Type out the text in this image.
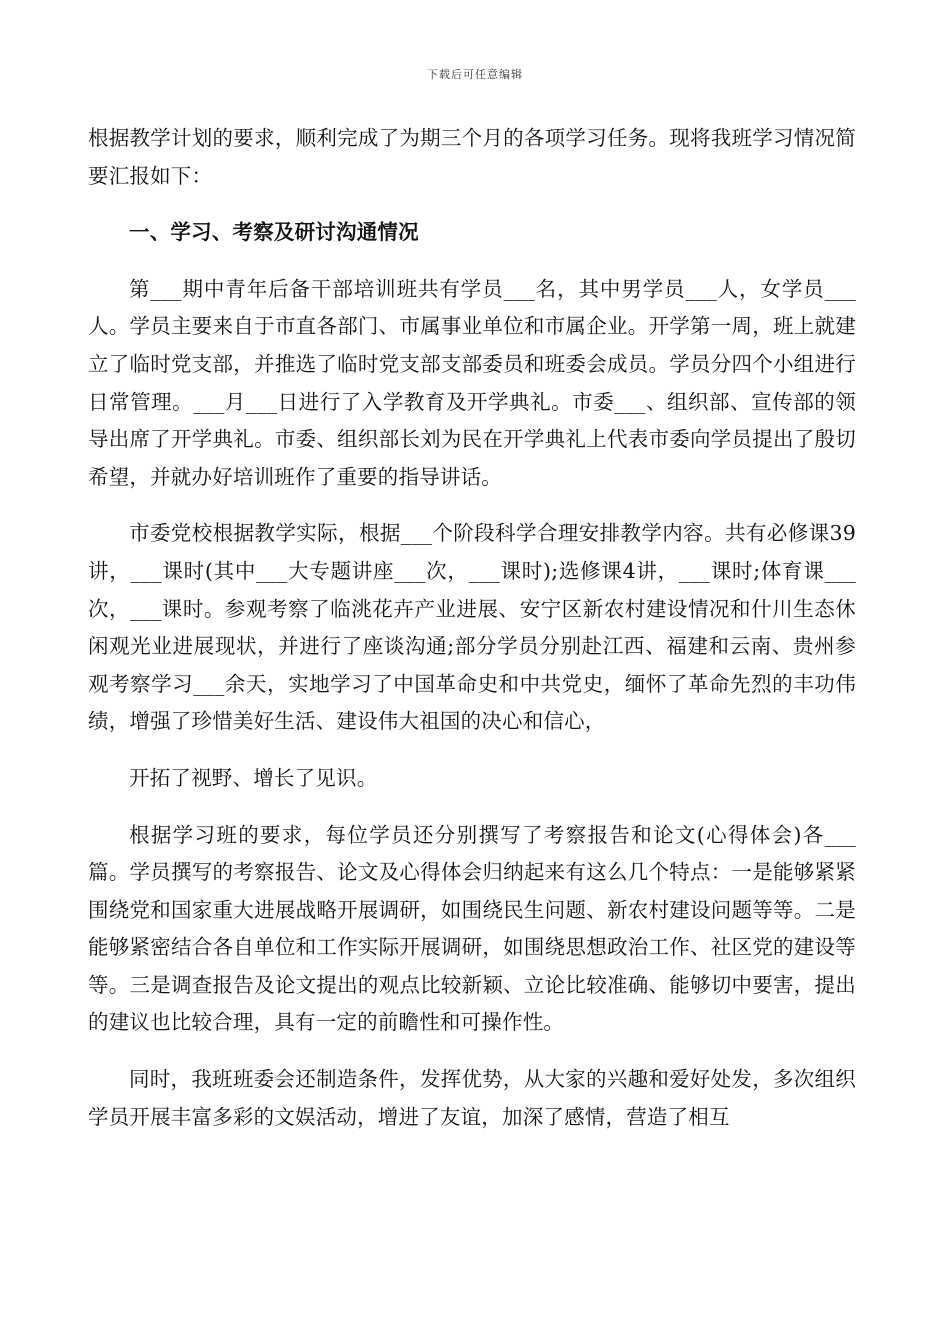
下载后可任意编辑

根据教学计划的要求，顺利完成了为期三个月的各项学习任务。现将我班学习情况简要汇报如下：

一、学习、考察及研讨沟通情况

第___期中青年后备干部培训班共有学员___名，其中男学员___人，女学员___人。学员主要来自于市直各部门、市属事业单位和市属企业。开学第一周，班上就建立了临时党支部，并推选了临时党支部支部委员和班委会成员。学员分四个小组进行日常管理。___月___日进行了入学教育及开学典礼。市委___、组织部、宣传部的领导出席了开学典礼。市委、组织部长刘为民在开学典礼上代表市委向学员提出了殷切希望，并就办好培训班作了重要的指导讲话。

市委党校根据教学实际，根据___个阶段科学合理安排教学内容。共有必修课39讲，___课时(其中___大专题讲座___次，___课时);选修课4讲，___课时;体育课___次，___课时。参观考察了临洮花卉产业进展、安宁区新农村建设情况和什川生态休闲观光业进展现状，并进行了座谈沟通;部分学员分别赴江西、福建和云南、贵州参观考察学习___余天，实地学习了中国革命史和中共党史，缅怀了革命先烈的丰功伟绩，增强了珍惜美好生活、建设伟大祖国的决心和信心，

开拓了视野、增长了见识。

根据学习班的要求，每位学员还分别撰写了考察报告和论文(心得体会)各___篇。学员撰写的考察报告、论文及心得体会归纳起来有这么几个特点：一是能够紧紧围绕党和国家重大进展战略开展调研，如围绕民生问题、新农村建设问题等等。二是能够紧密结合各自单位和工作实际开展调研，如围绕思想政治工作、社区党的建设等等。三是调查报告及论文提出的观点比较新颖、立论比较准确、能够切中要害，提出的建议也比较合理，具有一定的前瞻性和可操作性。

同时，我班班委会还制造条件，发挥优势，从大家的兴趣和爱好处发，多次组织学员开展丰富多彩的文娱活动，增进了友谊，加深了感情，营造了相互
